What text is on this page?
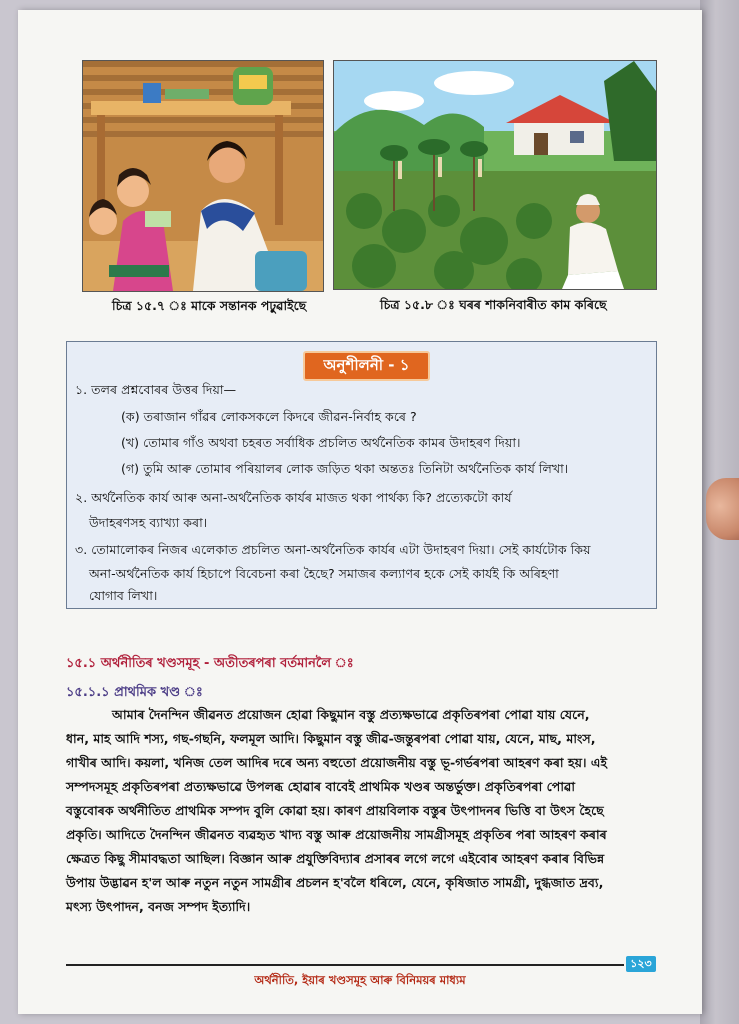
চিত্ৰ ১৫.৭ ঃ মাকে সন্তানক পঢ়ুৱাইছে	চিত্ৰ ১৫.৮ ঃ ঘৰৰ শাকনিবাৰীত কাম কৰিছে
অনুশীলনী - ১
১. তলৰ প্ৰশ্নবোৰৰ উত্তৰ দিয়া—
(ক) তৰাজান গাঁৱৰ লোকসকলে কিদৰে জীৱন-নিৰ্বাহ কৰে ?
(খ) তোমাৰ গাঁও অথবা চহৰত সৰ্বাধিক প্ৰচলিত অৰ্থনৈতিক কামৰ উদাহৰণ দিয়া।
(গ) তুমি আৰু তোমাৰ পৰিয়ালৰ লোক জড়িত থকা অন্ততঃ তিনিটা অৰ্থনৈতিক কাৰ্য লিখা।
২. অৰ্থনৈতিক কাৰ্য আৰু অনা-অৰ্থনৈতিক কাৰ্যৰ মাজত থকা পাৰ্থক্য কি? প্ৰত্যেকটো কাৰ্য
উদাহৰণসহ ব্যাখ্যা কৰা।
৩. তোমালোকৰ নিজৰ এলেকাত প্ৰচলিত অনা-অৰ্থনৈতিক কাৰ্যৰ এটা উদাহৰণ দিয়া। সেই কাৰ্যটোক কিয়
অনা-অৰ্থনৈতিক কাৰ্য হিচাপে বিবেচনা কৰা হৈছে? সমাজৰ কল্যাণৰ হকে সেই কাৰ্যই কি অৰিহণা
যোগাব লিখা।
১৫.১ অৰ্থনীতিৰ খণ্ডসমূহ - অতীতৰপৰা বৰ্তমানলৈ ঃ
১৫.১.১ প্ৰাথমিক খণ্ড ঃ
আমাৰ দৈনন্দিন জীৱনত প্ৰয়োজন হোৱা কিছুমান বস্তু প্ৰত্যক্ষভাৱে প্ৰকৃতিৰপৰা পোৱা যায় যেনে,
ধান, মাহ আদি শস্য, গছ-গছনি, ফলমূল আদি। কিছুমান বস্তু জীৱ-জন্তুৰপৰা পোৱা যায়, যেনে, মাছ, মাংস,
গাখীৰ আদি। কয়লা, খনিজ তেল আদিৰ দৰে অন্য বহুতো প্ৰয়োজনীয় বস্তু ভূ-গৰ্ভৰপৰা আহৰণ কৰা হয়। এই
সম্পদসমূহ প্ৰকৃতিৰপৰা প্ৰত্যক্ষভাৱে উপলব্ধ হোৱাৰ বাবেই প্ৰাথমিক খণ্ডৰ অন্তৰ্ভুক্ত। প্ৰকৃতিৰপৰা পোৱা
বস্তুবোৰক অৰ্থনীতিত প্ৰাথমিক সম্পদ বুলি কোৱা হয়। কাৰণ প্ৰায়বিলাক বস্তুৰ উৎপাদনৰ ভিত্তি বা উৎস হৈছে
প্ৰকৃতি। আদিতে দৈনন্দিন জীৱনত ব্যৱহৃত খাদ্য বস্তু আৰু প্ৰয়োজনীয় সামগ্ৰীসমূহ প্ৰকৃতিৰ পৰা আহৰণ কৰাৰ
ক্ষেত্ৰত কিছু সীমাবদ্ধতা আছিল। বিজ্ঞান আৰু প্ৰযুক্তিবিদ্যাৰ প্ৰসাৰৰ লগে লগে এইবোৰ আহৰণ কৰাৰ বিভিন্ন
উপায় উদ্ভাৱন হ'ল আৰু নতুন নতুন সামগ্ৰীৰ প্ৰচলন হ'বলৈ ধৰিলে, যেনে, কৃষিজাত সামগ্ৰী, দুগ্ধজাত দ্ৰব্য,
মৎস্য উৎপাদন, বনজ সম্পদ ইত্যাদি।
১২৩
অৰ্থনীতি, ইয়াৰ খণ্ডসমূহ আৰু বিনিময়ৰ মাধ্যম
